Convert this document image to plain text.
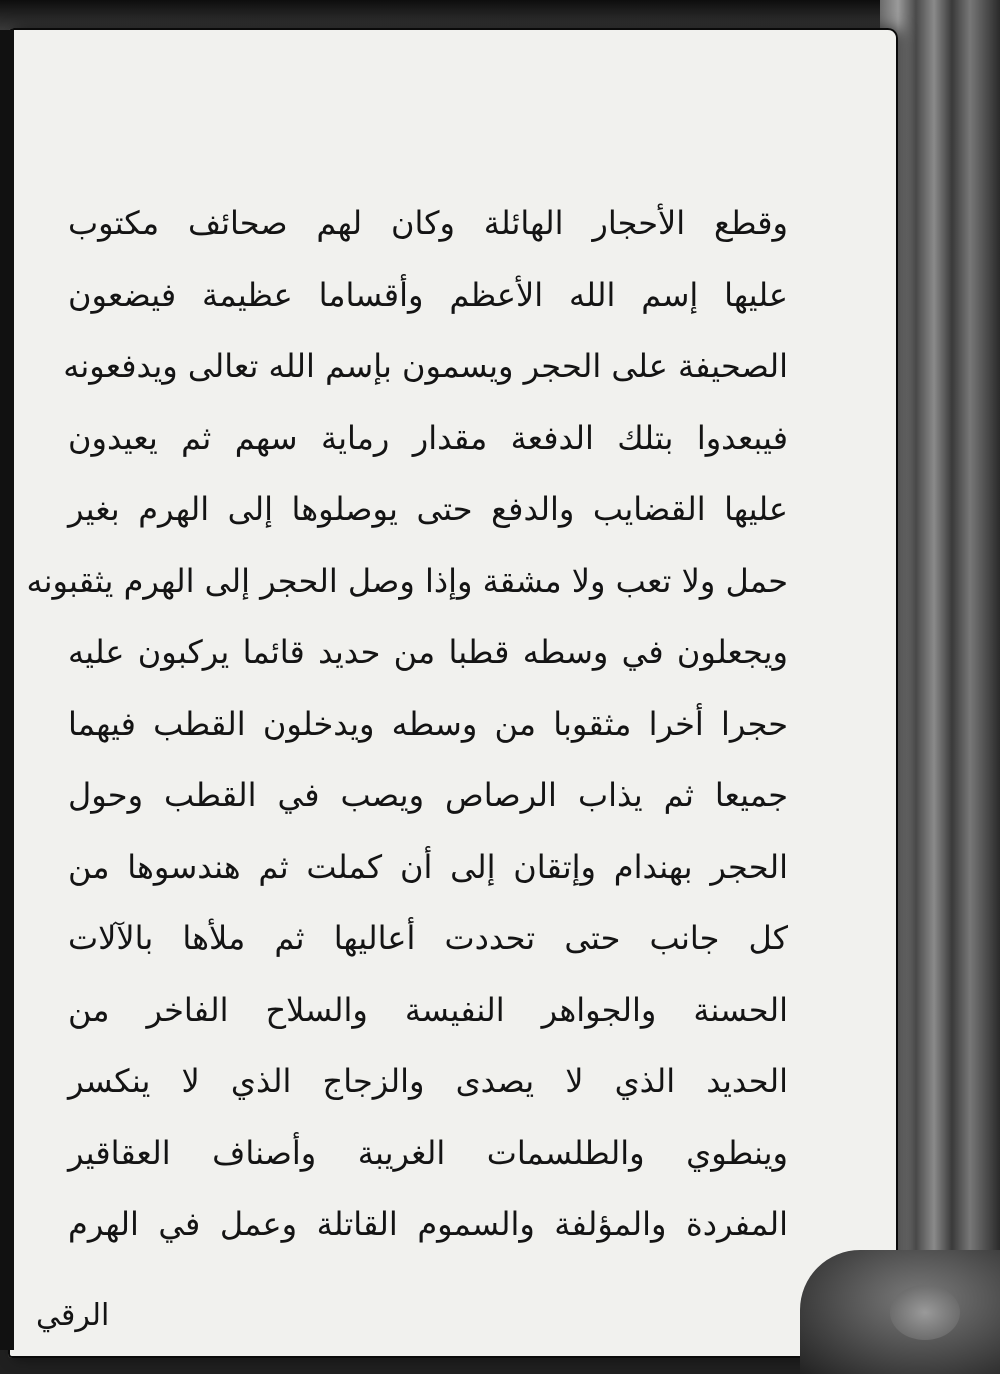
وقطع الأحجار الهائلة وكان لهم صحائف مكتوب
عليها إسم الله الأعظم وأقساما عظيمة فيضعون
الصحيفة على الحجر ويسمون بإسم الله تعالى ويدفعونه
فيبعدوا بتلك الدفعة مقدار رماية سهم ثم يعيدون
عليها القضايب والدفع حتى يوصلوها إلى الهرم بغير
حمل ولا تعب ولا مشقة وإذا وصل الحجر إلى الهرم يثقبونه
ويجعلون في وسطه قطبا من حديد قائما يركبون عليه
حجرا أخرا مثقوبا من وسطه ويدخلون القطب فيهما
جميعا ثم يذاب الرصاص ويصب في القطب وحول
الحجر بهندام وإتقان إلى أن كملت ثم هندسوها من
كل جانب حتى تحددت أعاليها ثم ملأها بالآلات
الحسنة والجواهر النفيسة والسلاح الفاخر من
الحديد الذي لا يصدى والزجاج الذي لا ينكسر
وينطوي والطلسمات الغريبة وأصناف العقاقير
المفردة والمؤلفة والسموم القاتلة وعمل في الهرم
الرقي
